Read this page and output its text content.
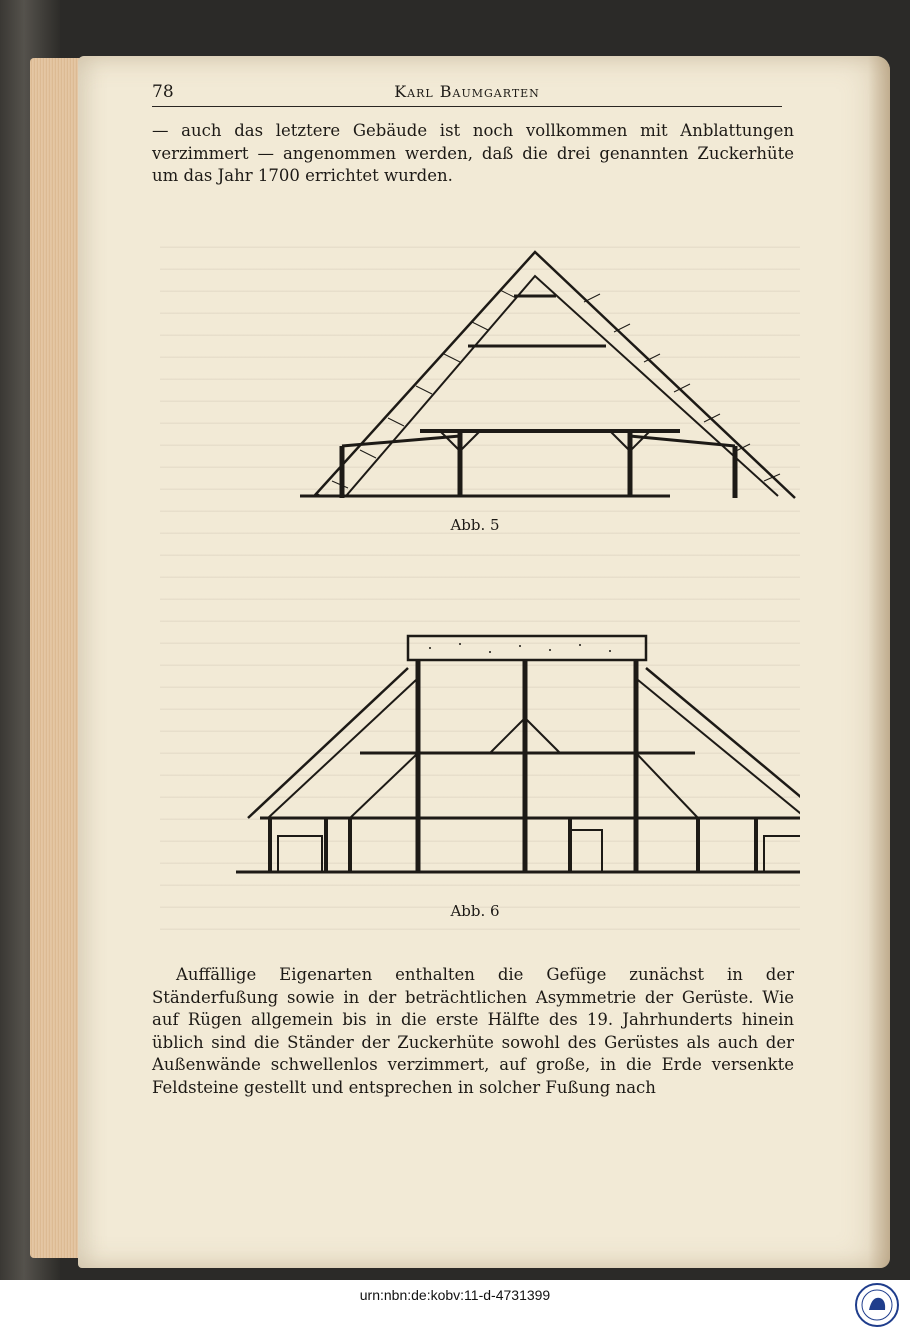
78	Karl Baumgarten
— auch das letztere Gebäude ist noch vollkommen mit Anblattungen verzimmert — angenommen werden, daß die drei genannten Zuckerhüte um das Jahr 1700 errichtet wurden.
Abb. 5
Abb. 6
Auffällige Eigenarten enthalten die Gefüge zunächst in der Ständerfußung sowie in der beträchtlichen Asymmetrie der Gerüste. Wie auf Rügen allgemein bis in die erste Hälfte des 19. Jahrhunderts hinein üblich sind die Ständer der Zuckerhüte sowohl des Gerüstes als auch der Außenwände schwellenlos verzimmert, auf große, in die Erde versenkte Feldsteine gestellt und entsprechen in solcher Fußung nach
urn:nbn:de:kobv:11-d-4731399
